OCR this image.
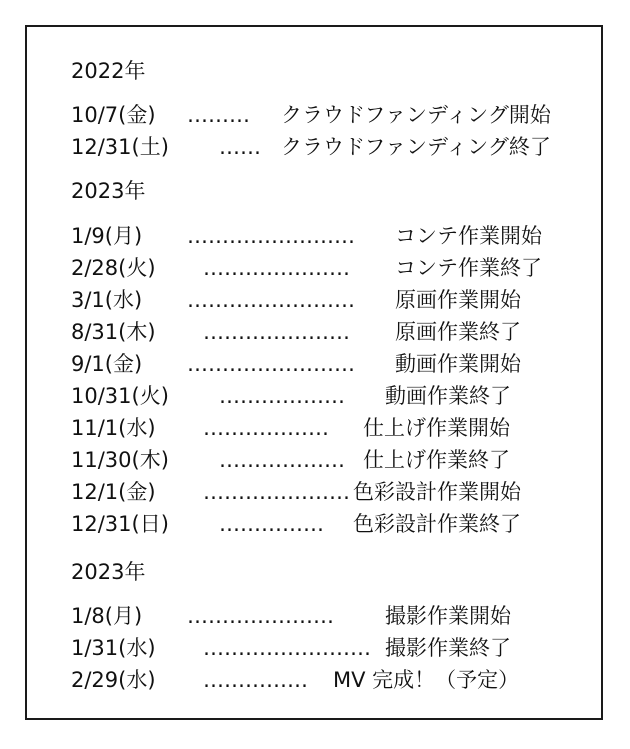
2022年
10/7(金) ……… クラウドファンディング開始
12/31(土) …… クラウドファンディング終了
2023年
1/9(月) …………………… コンテ作業開始
2/28(火) ………………… コンテ作業終了
3/1(水) …………………… 原画作業開始
8/31(木) ………………… 原画作業終了
9/1(金) …………………… 動画作業開始
10/31(火) ……………… 動画作業終了
11/1(水) ……………… 仕上げ作業開始
11/30(木) ……………… 仕上げ作業終了
12/1(金) ………………… 色彩設計作業開始
12/31(日) …………… 色彩設計作業終了
2023年
1/8(月) ………………… 撮影作業開始
1/31(水) …………………… 撮影作業終了
2/29(水) …………… MV 完成！（予定）
